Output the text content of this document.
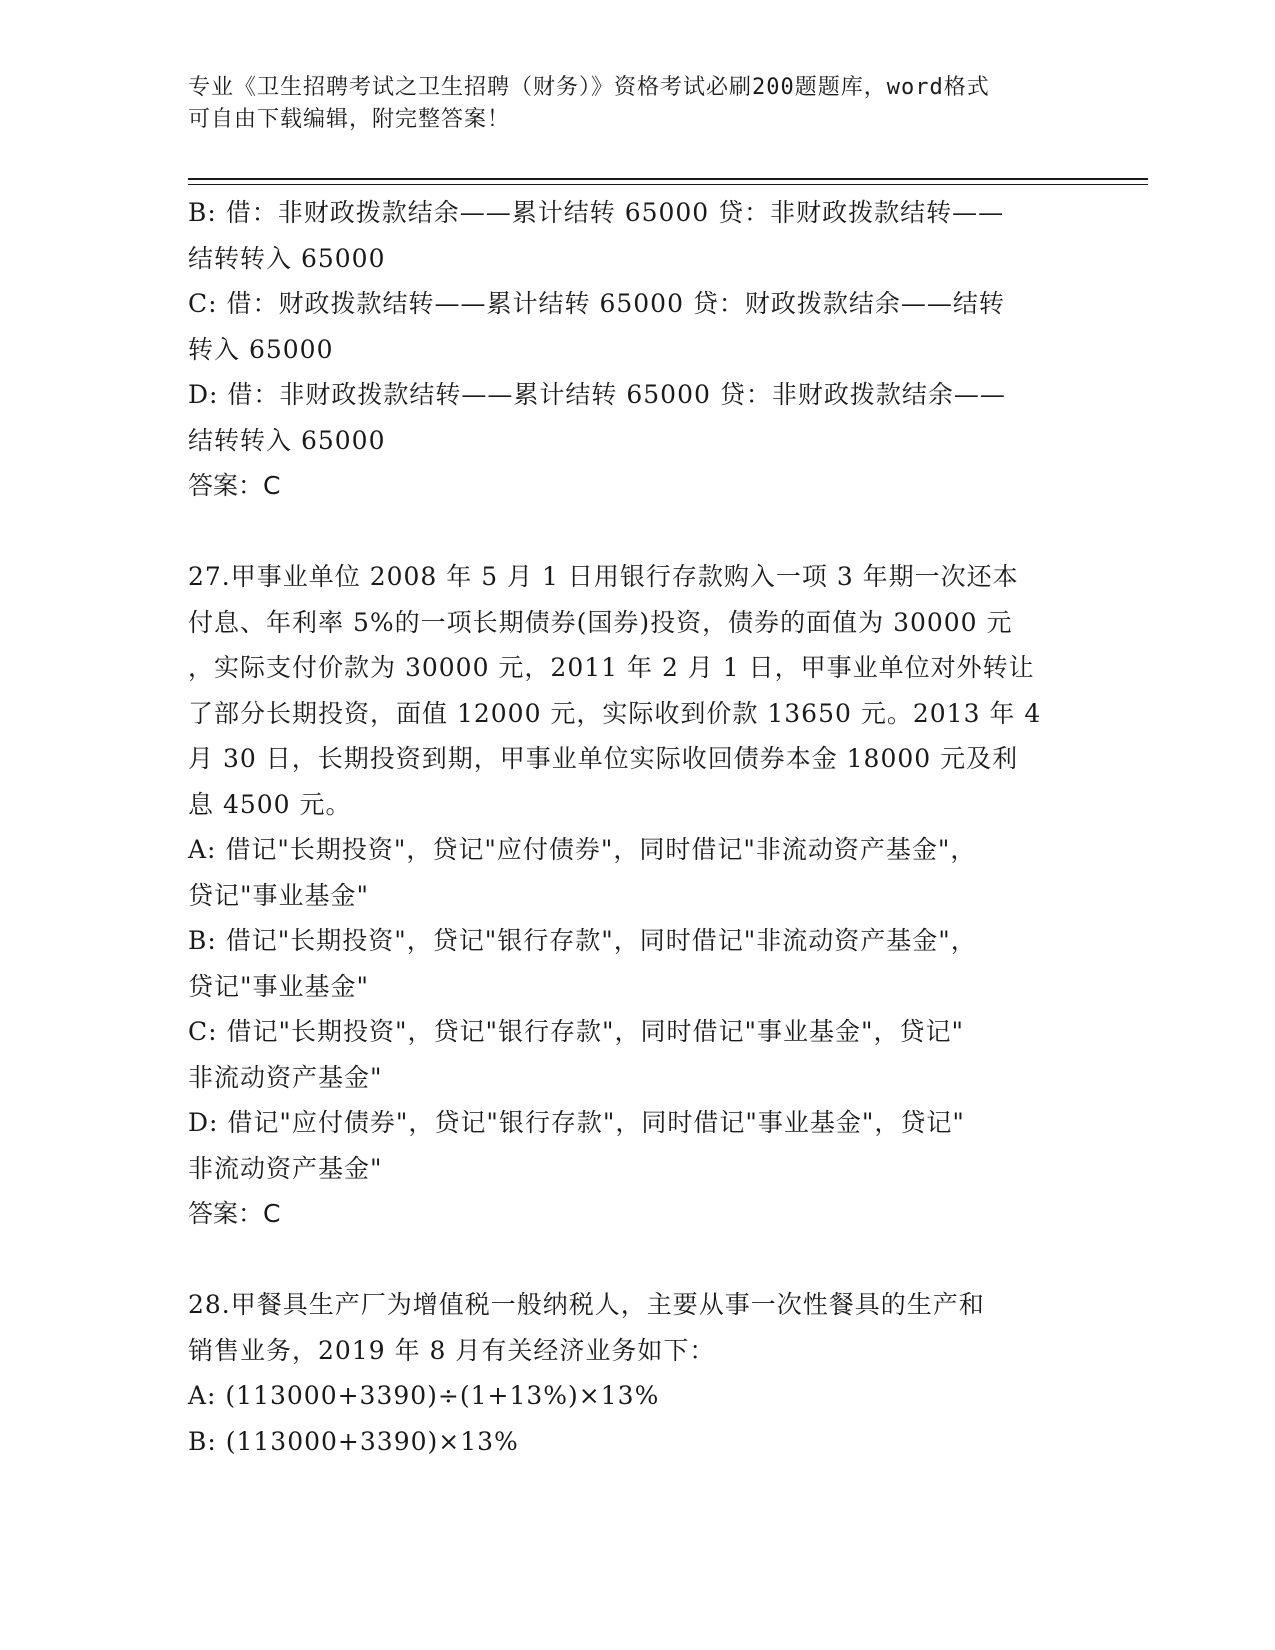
专业《卫生招聘考试之卫生招聘（财务）》资格考试必刷200题题库，word格式
可自由下载编辑，附完整答案！
B: 借：非财政拨款结余——累计结转 65000 贷：非财政拨款结转——
结转转入 65000
C: 借：财政拨款结转——累计结转 65000 贷：财政拨款结余——结转
转入 65000
D: 借：非财政拨款结转——累计结转 65000 贷：非财政拨款结余——
结转转入 65000
答案：C
27.甲事业单位 2008 年 5 月 1 日用银行存款购入一项 3 年期一次还本
付息、年利率 5%的一项长期债券(国券)投资，债券的面值为 30000 元
，实际支付价款为 30000 元，2011 年 2 月 1 日，甲事业单位对外转让
了部分长期投资，面值 12000 元，实际收到价款 13650 元。2013 年 4
月 30 日，长期投资到期，甲事业单位实际收回债券本金 18000 元及利
息 4500 元。
A: 借记"长期投资"，贷记"应付债券"，同时借记"非流动资产基金"，
贷记"事业基金"
B: 借记"长期投资"，贷记"银行存款"，同时借记"非流动资产基金"，
贷记"事业基金"
C: 借记"长期投资"，贷记"银行存款"，同时借记"事业基金"，贷记"
非流动资产基金"
D: 借记"应付债券"，贷记"银行存款"，同时借记"事业基金"，贷记"
非流动资产基金"
答案：C
28.甲餐具生产厂为增值税一般纳税人，主要从事一次性餐具的生产和
销售业务，2019 年 8 月有关经济业务如下：
A: (113000+3390)÷(1+13%)×13%
B: (113000+3390)×13%
